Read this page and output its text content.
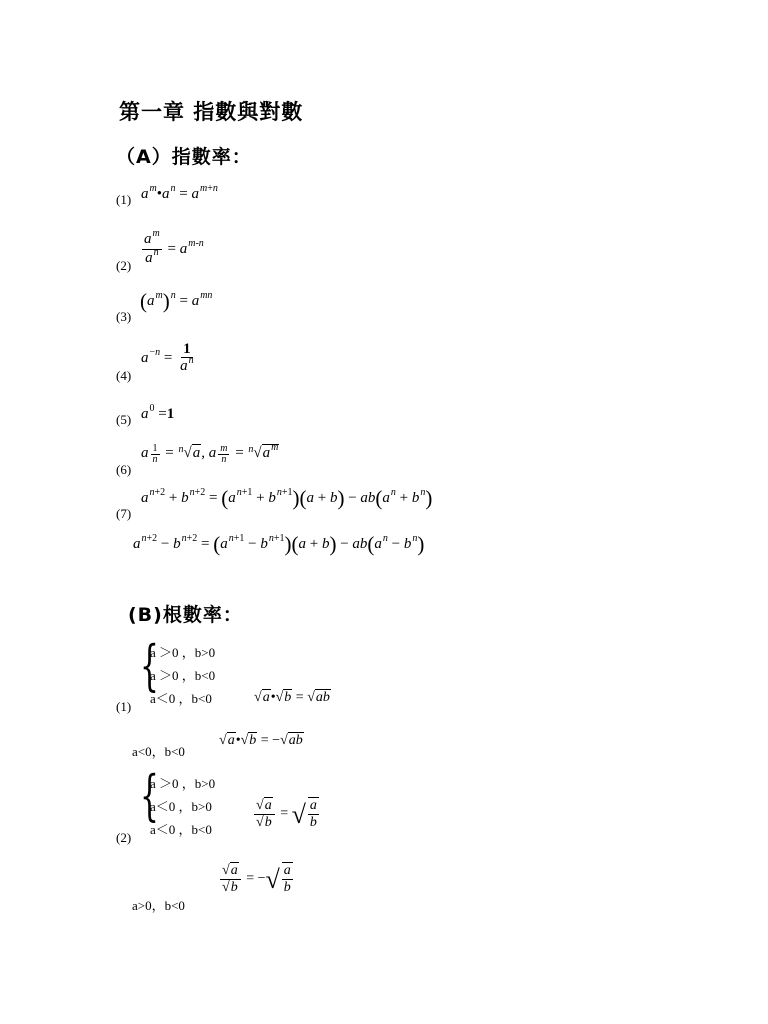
第一章 指數與對數
（A）指數率：
(1) $a^m•a^n = a^{m+n}$
$(2) \frac{a^m}{a^n} = a^{m-n}$
(3)
$(a^m)^n = a^{mn}$
(4)
$a^{-n} = \frac{1}{a^n}$
(5) $a^0 =1$
(6)
a $\frac{1}{n} = ^n√a$, a $\frac{m}{n} = ^n√a^m$
(7)
$a^{n+2} + b^{n+2} = (a^{n+1} + b^{n+1})(a + b) - ab(a^n + b^n)$
$a^{n+2} - b^{n+2} = (a^{n+1} - b^{n+1})(a + b) - ab(a^n - b^n)$
(B)根數率：
{
a ＞0 ，b>0
a ＞0 ，b<0
a＜0 ，b<0
(1)
√a•√b = √ab
a<0，b<0
√a•√b = −√ab
{
a ＞0 ，b>0
a＜0 ，b>0
a＜0 ，b<0
(2)
$\frac{√a}{√b}$ = √ $\frac{a}{b}$
a>0，b<0
$\frac{√a}{√b}$ = −√ $\frac{a}{b}$
